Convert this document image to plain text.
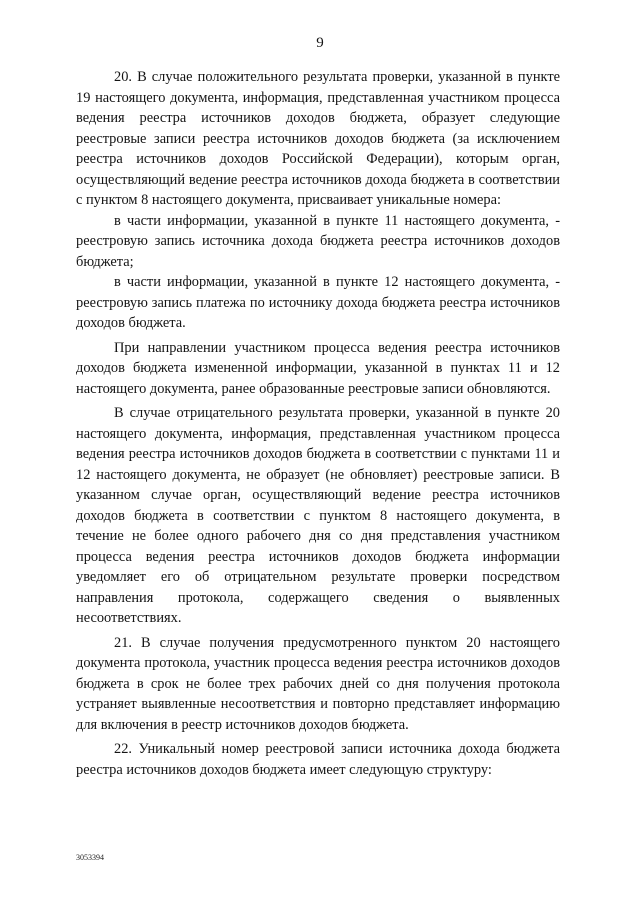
9

20. В случае положительного результата проверки, указанной в пункте 19 настоящего документа, информация, представленная участником процесса ведения реестра источников доходов бюджета, образует следующие реестровые записи реестра источников доходов бюджета (за исключением реестра источников доходов Российской Федерации), которым орган, осуществляющий ведение реестра источников дохода бюджета в соответствии с пунктом 8 настоящего документа, присваивает уникальные номера:

в части информации, указанной в пункте 11 настоящего документа, - реестровую запись источника дохода бюджета реестра источников доходов бюджета;

в части информации, указанной в пункте 12 настоящего документа, - реестровую запись платежа по источнику дохода бюджета реестра источников доходов бюджета.

При направлении участником процесса ведения реестра источников доходов бюджета измененной информации, указанной в пунктах 11 и 12 настоящего документа, ранее образованные реестровые записи обновляются.

В случае отрицательного результата проверки, указанной в пункте 20 настоящего документа, информация, представленная участником процесса ведения реестра источников доходов бюджета в соответствии с пунктами 11 и 12 настоящего документа, не образует (не обновляет) реестровые записи. В указанном случае орган, осуществляющий ведение реестра источников доходов бюджета в соответствии с пунктом 8 настоящего документа, в течение не более одного рабочего дня со дня представления участником процесса ведения реестра источников доходов бюджета информации уведомляет его об отрицательном результате проверки посредством направления протокола, содержащего сведения о выявленных несоответствиях.

21. В случае получения предусмотренного пунктом 20 настоящего документа протокола, участник процесса ведения реестра источников доходов бюджета в срок не более трех рабочих дней со дня получения протокола устраняет выявленные несоответствия и повторно представляет информацию для включения в реестр источников доходов бюджета.

22. Уникальный номер реестровой записи источника дохода бюджета реестра источников доходов бюджета имеет следующую структуру:

3053394
